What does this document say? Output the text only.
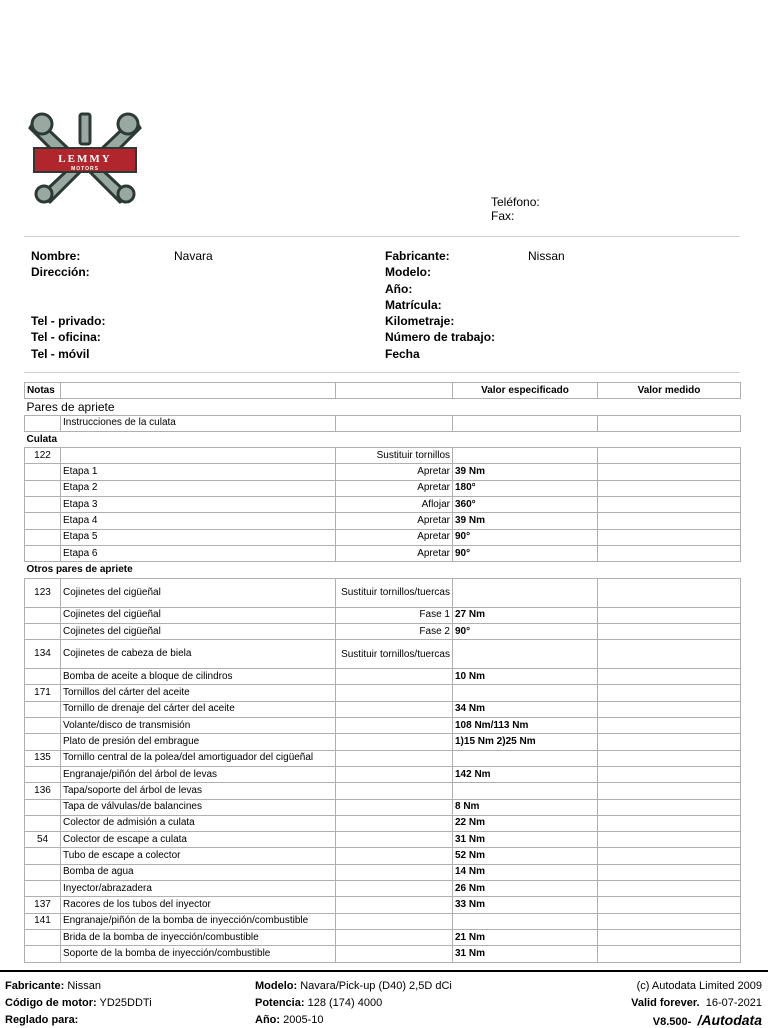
LEMMY
MOTORS
Teléfono:
Fax:
Nombre:	Navara
Dirección:
Tel - privado:
Tel - oficina:
Tel - móvil
Fabricante:	Nissan
Modelo:
Año:
Matrícula:
Kilometraje:
Número de trabajo:
Fecha
Notas			Valor especificado	Valor medido
Pares de apriete				
	Instrucciones de la culata			
Culata				
122		Sustituir tornillos		
	Etapa 1	Apretar	39 Nm	
	Etapa 2	Apretar	180°	
	Etapa 3	Aflojar	360°	
	Etapa 4	Apretar	39 Nm	
	Etapa 5	Apretar	90°	
	Etapa 6	Apretar	90°	
Otros pares de apriete				
123	Cojinetes del cigüeñal	Sustituir tornillos/tuercas		
	Cojinetes del cigüeñal	Fase 1	27 Nm	
	Cojinetes del cigüeñal	Fase 2	90°	
134	Cojinetes de cabeza de biela	Sustituir tornillos/tuercas		
	Bomba de aceite a bloque de cilindros		10 Nm	
171	Tornillos del cárter del aceite			
	Tornillo de drenaje del cárter del aceite		34 Nm	
	Volante/disco de transmisión		108 Nm/113 Nm	
	Plato de presión del embrague		1)15 Nm 2)25 Nm	
135	Tornillo central de la polea/del amortiguador del cigüeñal			
	Engranaje/piñón del árbol de levas		142 Nm	
136	Tapa/soporte del árbol de levas			
	Tapa de válvulas/de balancines		8 Nm	
	Colector de admisión a culata		22 Nm	
54	Colector de escape a culata		31 Nm	
	Tubo de escape a colector		52 Nm	
	Bomba de agua		14 Nm	
	Inyector/abrazadera		26 Nm	
137	Racores de los tubos del inyector		33 Nm	
141	Engranaje/piñón de la bomba de inyección/combustible			
	Brida de la bomba de inyección/combustible		21 Nm	
	Soporte de la bomba de inyección/combustible		31 Nm	
Fabricante: Nissan
Código de motor: YD25DDTi
Reglado para:
Modelo: Navara/Pick-up (D40) 2,5D dCi
Potencia: 128 (174) 4000
Año: 2005-10
(c) Autodata Limited 2009
Valid forever. 16-07-2021
V8.500- /Autodata
